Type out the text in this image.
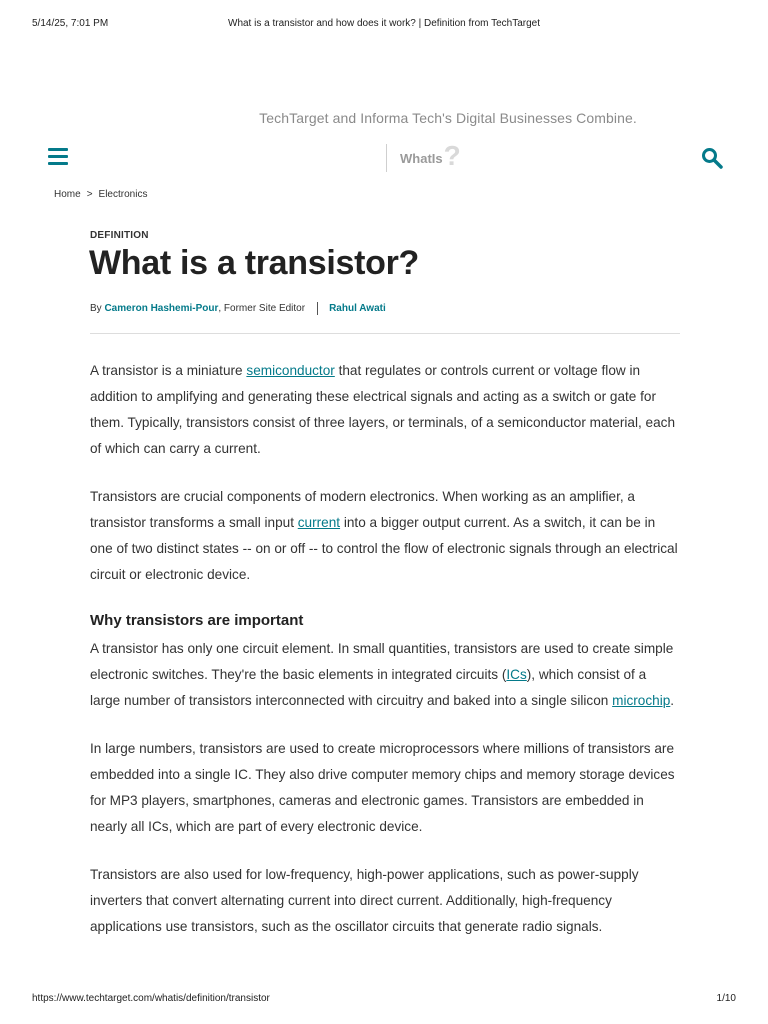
5/14/25, 7:01 PM	What is a transistor and how does it work? | Definition from TechTarget
TechTarget and Informa Tech's Digital Businesses Combine.
WhatIs ?
Home > Electronics
DEFINITION
What is a transistor?
By
Cameron Hashemi-Pour , Former Site Editor Rahul Awati

A transistor is a miniature semiconductor that regulates or controls current or voltage flow in addition to amplifying and generating these electrical signals and acting as a switch or gate for them. Typically, transistors consist of three layers, or terminals, of a semiconductor material, each of which can carry a current.

Transistors are crucial components of modern electronics. When working as an amplifier, a transistor transforms a small input current into a bigger output current. As a switch, it can be in one of two distinct states -- on or off -- to control the flow of electronic signals through an electrical circuit or electronic device.

Why transistors are important

A transistor has only one circuit element. In small quantities, transistors are used to create simple electronic switches. They're the basic elements in integrated circuits (ICs), which consist of a large number of transistors interconnected with circuitry and baked into a single silicon microchip.

In large numbers, transistors are used to create microprocessors where millions of transistors are embedded into a single IC. They also drive computer memory chips and memory storage devices for MP3 players, smartphones, cameras and electronic games. Transistors are embedded in nearly all ICs, which are part of every electronic device.

Transistors are also used for low-frequency, high-power applications, such as power-supply inverters that convert alternating current into direct current. Additionally, high-frequency applications use transistors, such as the oscillator circuits that generate radio signals.

https://www.techtarget.com/whatis/definition/transistor	1/10
